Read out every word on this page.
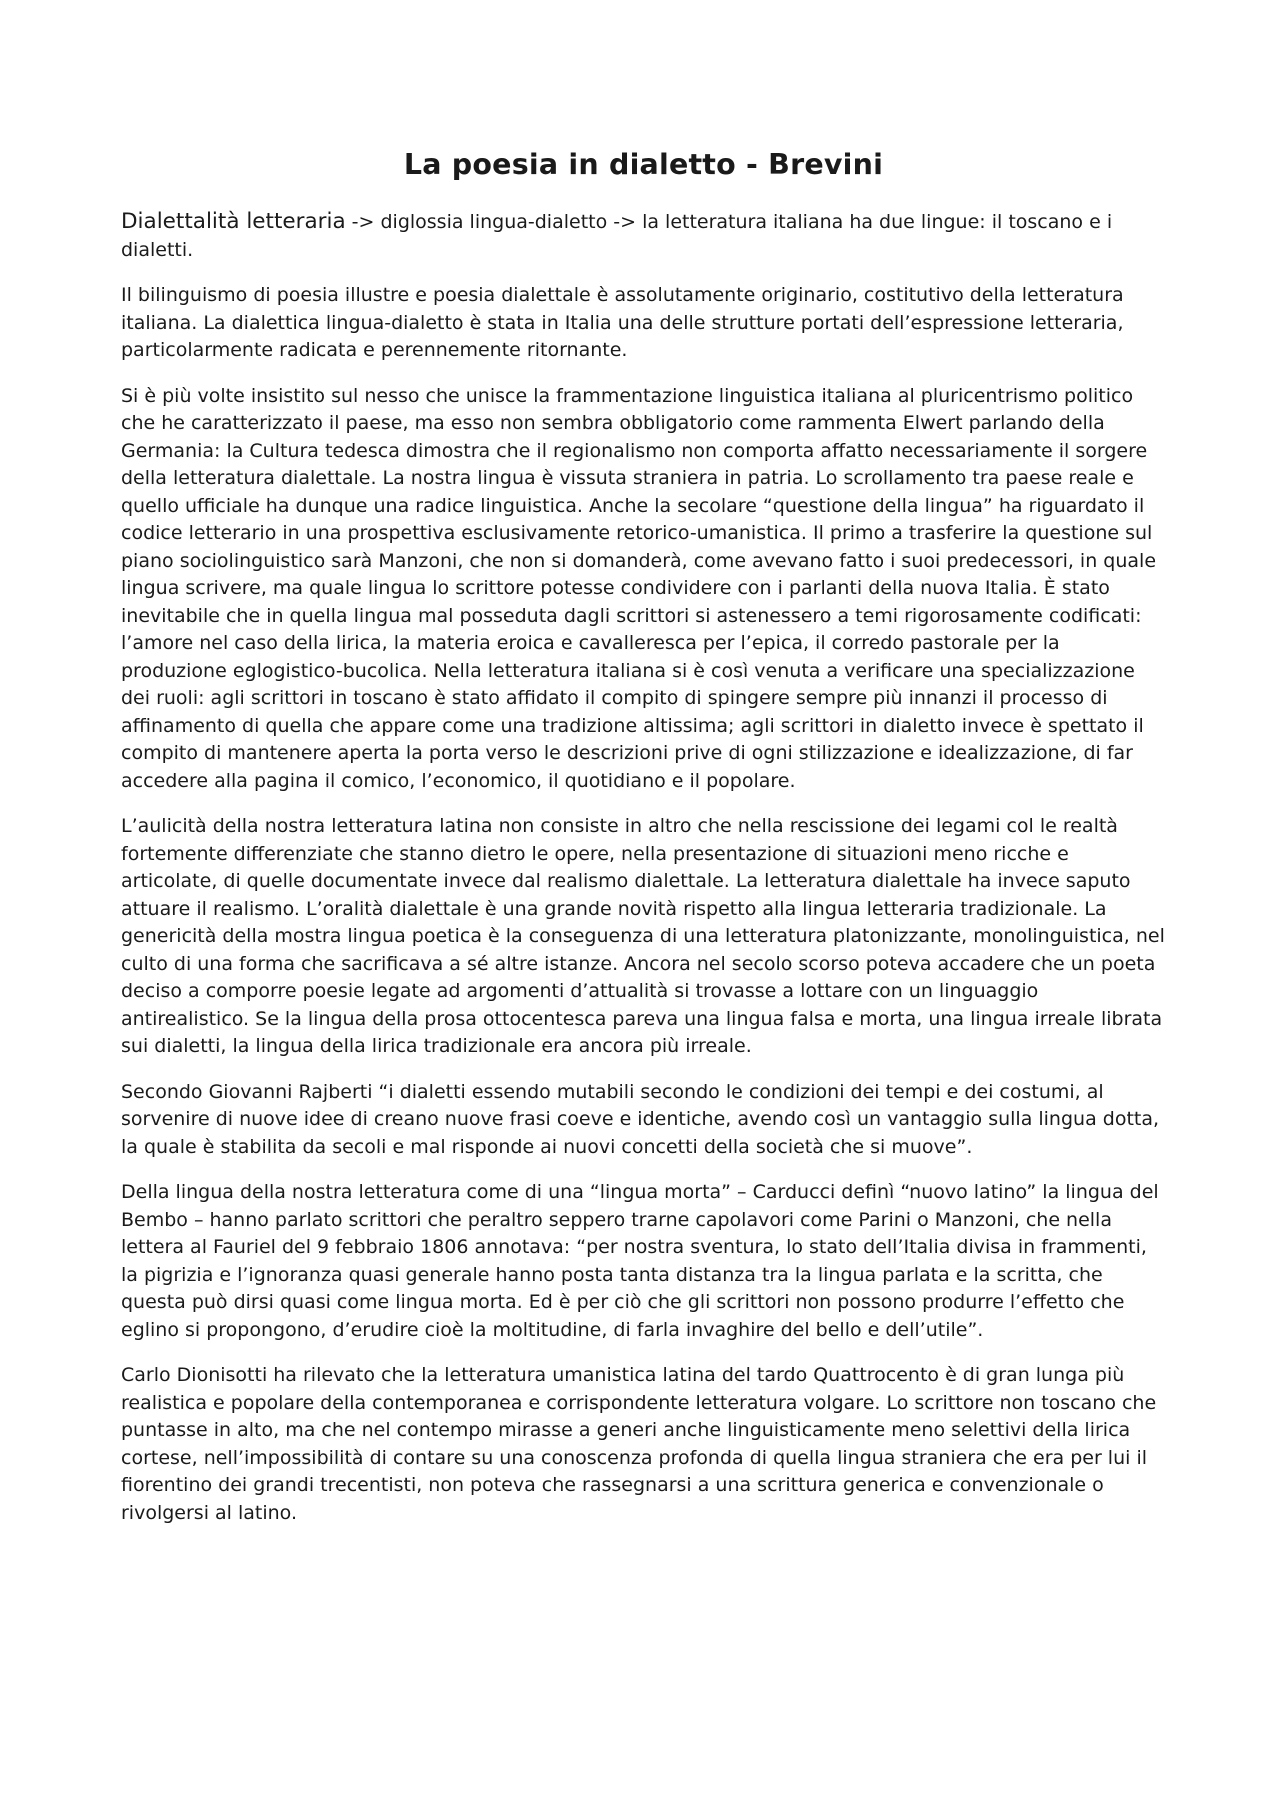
La poesia in dialetto - Brevini

Dialettalità letteraria -> diglossia lingua-dialetto -> la letteratura italiana ha due lingue: il toscano e i dialetti.

Il bilinguismo di poesia illustre e poesia dialettale è assolutamente originario, costitutivo della letteratura italiana. La dialettica lingua-dialetto è stata in Italia una delle strutture portati dell’espressione letteraria, particolarmente radicata e perennemente ritornante.

Si è più volte insistito sul nesso che unisce la frammentazione linguistica italiana al pluricentrismo politico che he caratterizzato il paese, ma esso non sembra obbligatorio come rammenta Elwert parlando della Germania: la Cultura tedesca dimostra che il regionalismo non comporta affatto necessariamente il sorgere della letteratura dialettale. La nostra lingua è vissuta straniera in patria. Lo scrollamento tra paese reale e quello ufficiale ha dunque una radice linguistica. Anche la secolare “questione della lingua” ha riguardato il codice letterario in una prospettiva esclusivamente retorico-umanistica. Il primo a trasferire la questione sul piano sociolinguistico sarà Manzoni, che non si domanderà, come avevano fatto i suoi predecessori, in quale lingua scrivere, ma quale lingua lo scrittore potesse condividere con i parlanti della nuova Italia. È stato inevitabile che in quella lingua mal posseduta dagli scrittori si astenessero a temi rigorosamente codificati: l’amore nel caso della lirica, la materia eroica e cavalleresca per l’epica, il corredo pastorale per la produzione eglogistico-bucolica. Nella letteratura italiana si è così venuta a verificare una specializzazione dei ruoli: agli scrittori in toscano è stato affidato il compito di spingere sempre più innanzi il processo di affinamento di quella che appare come una tradizione altissima; agli scrittori in dialetto invece è spettato il compito di mantenere aperta la porta verso le descrizioni prive di ogni stilizzazione e idealizzazione, di far accedere alla pagina il comico, l’economico, il quotidiano e il popolare.

L’aulicità della nostra letteratura latina non consiste in altro che nella rescissione dei legami col le realtà fortemente differenziate che stanno dietro le opere, nella presentazione di situazioni meno ricche e articolate, di quelle documentate invece dal realismo dialettale. La letteratura dialettale ha invece saputo attuare il realismo. L’oralità dialettale è una grande novità rispetto alla lingua letteraria tradizionale. La genericità della mostra lingua poetica è la conseguenza di una letteratura platonizzante, monolinguistica, nel culto di una forma che sacrificava a sé altre istanze. Ancora nel secolo scorso poteva accadere che un poeta deciso a comporre poesie legate ad argomenti d’attualità si trovasse a lottare con un linguaggio antirealistico. Se la lingua della prosa ottocentesca pareva una lingua falsa e morta, una lingua irreale librata sui dialetti, la lingua della lirica tradizionale era ancora più irreale.

Secondo Giovanni Rajberti “i dialetti essendo mutabili secondo le condizioni dei tempi e dei costumi, al sorvenire di nuove idee di creano nuove frasi coeve e identiche, avendo così un vantaggio sulla lingua dotta, la quale è stabilita da secoli e mal risponde ai nuovi concetti della società che si muove”.

Della lingua della nostra letteratura come di una “lingua morta” – Carducci definì “nuovo latino” la lingua del Bembo – hanno parlato scrittori che peraltro seppero trarne capolavori come Parini o Manzoni, che nella lettera al Fauriel del 9 febbraio 1806 annotava: “per nostra sventura, lo stato dell’Italia divisa in frammenti, la pigrizia e l’ignoranza quasi generale hanno posta tanta distanza tra la lingua parlata e la scritta, che questa può dirsi quasi come lingua morta. Ed è per ciò che gli scrittori non possono produrre l’effetto che eglino si propongono, d’erudire cioè la moltitudine, di farla invaghire del bello e dell’utile”.

Carlo Dionisotti ha rilevato che la letteratura umanistica latina del tardo Quattrocento è di gran lunga più realistica e popolare della contemporanea e corrispondente letteratura volgare. Lo scrittore non toscano che puntasse in alto, ma che nel contempo mirasse a generi anche linguisticamente meno selettivi della lirica cortese, nell’impossibilità di contare su una conoscenza profonda di quella lingua straniera che era per lui il fiorentino dei grandi trecentisti, non poteva che rassegnarsi a una scrittura generica e convenzionale o rivolgersi al latino.
